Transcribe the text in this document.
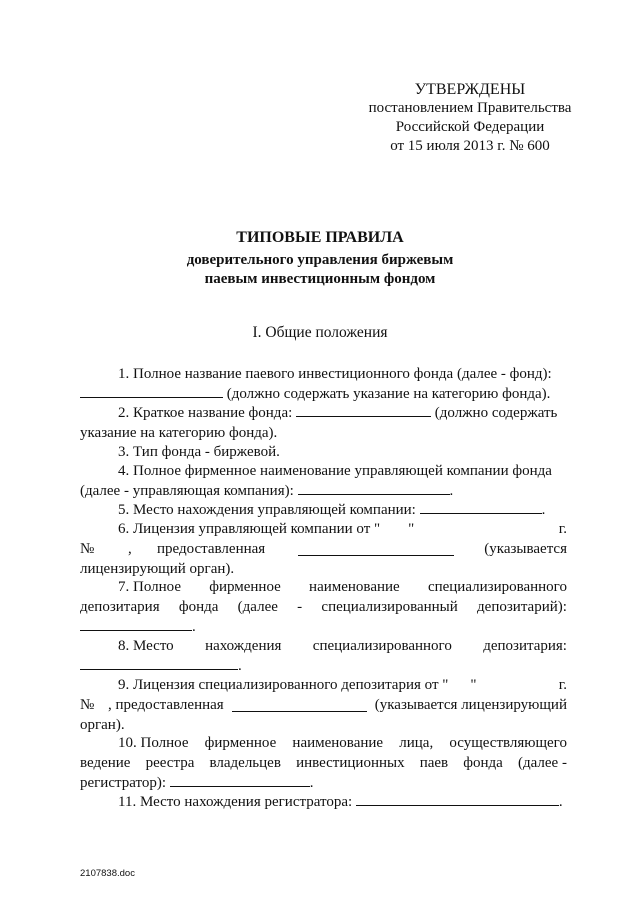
УТВЕРЖДЕНЫ
постановлением Правительства
Российской Федерации
от 15 июля 2013 г. № 600
ТИПОВЫЕ ПРАВИЛА
доверительного управления биржевым
паевым инвестиционным фондом
I. Общие положения
1. Полное название паевого инвестиционного фонда (далее - фонд):
(должно содержать указание на категорию фонда).
2. Краткое название фонда:	(должно содержать
указание на категорию фонда).
3. Тип фонда - биржевой.
4. Полное фирменное наименование управляющей компании фонда
(далее - управляющая компания):	.
5. Место нахождения управляющей компании:	.
6. Лицензия управляющей компании от " "	г.
№ , предоставленная	(указывается
лицензирующий орган).
7. Полное фирменное наименование специализированного
депозитария фонда (далее - специализированный депозитарий):
.
8. Место нахождения специализированного депозитария:
.
9. Лицензия специализированного депозитария от " "	г.
№ , предоставленная	(указывается лицензирующий
орган).
10. Полное фирменное наименование лица, осуществляющего
ведение реестра владельцев инвестиционных паев фонда (далее -
регистратор):	.
11. Место нахождения регистратора:	.
2107838.doc
